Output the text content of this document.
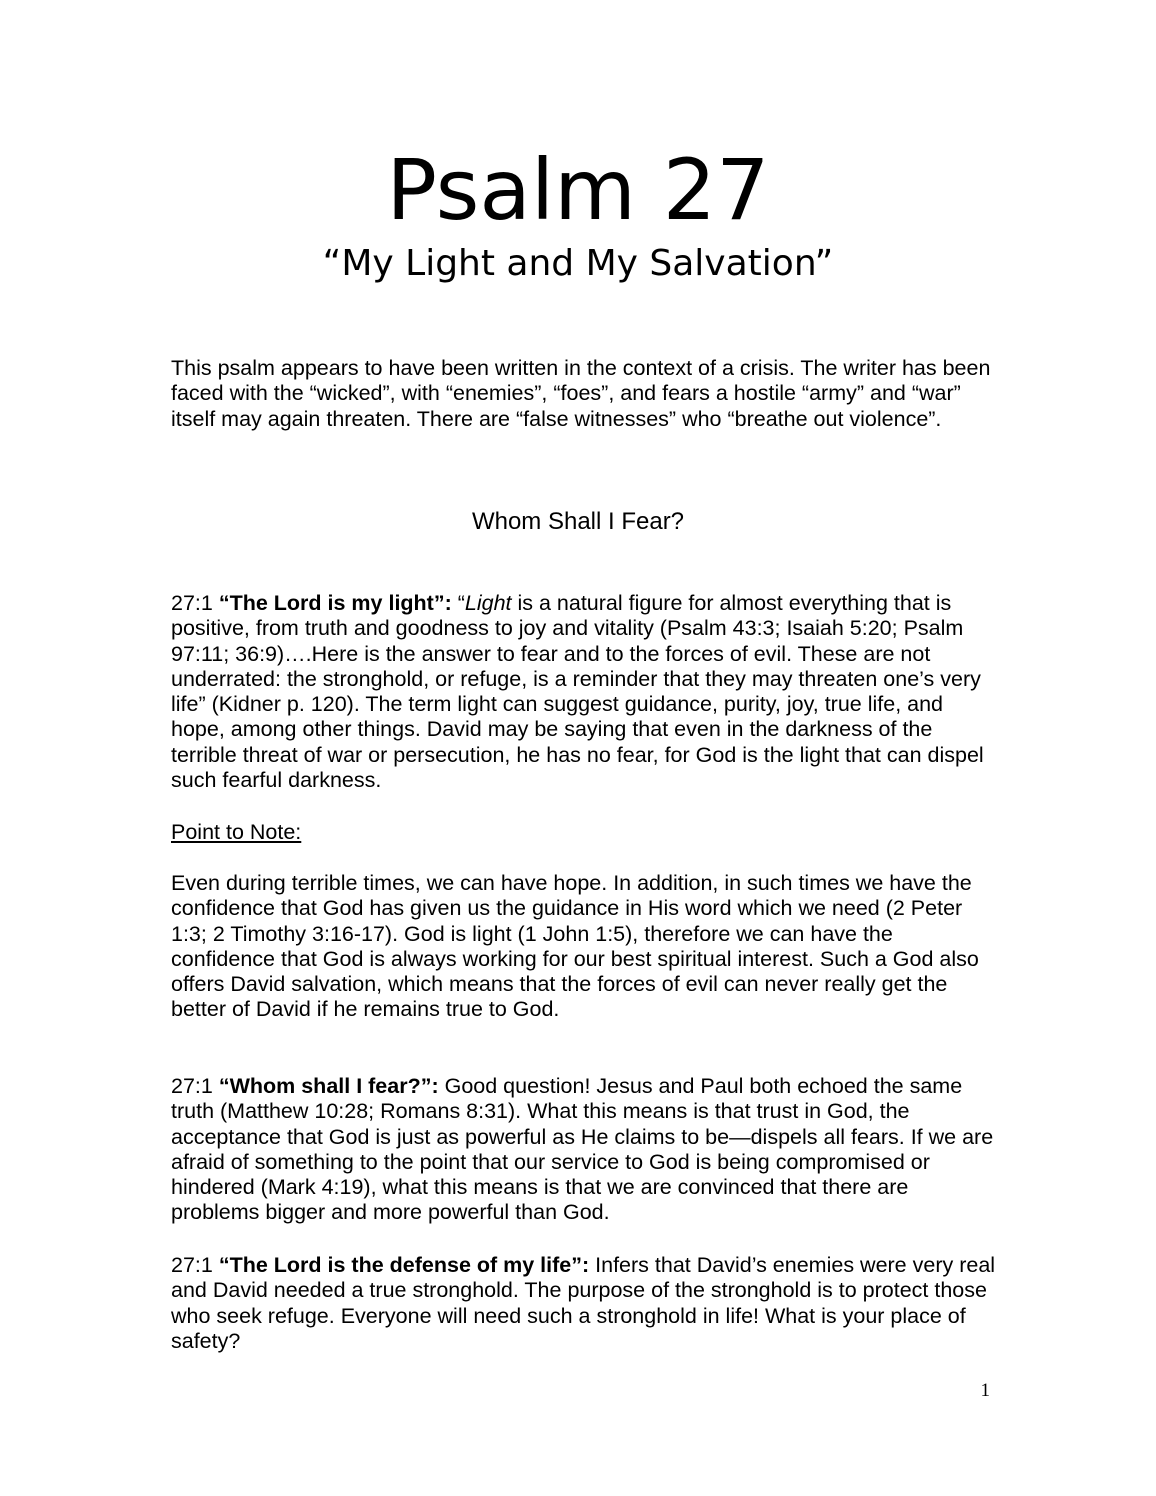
Psalm 27
“My Light and My Salvation”

This psalm appears to have been written in the context of a crisis. The writer has been faced with the “wicked”, with “enemies”, “foes”, and fears a hostile “army” and “war” itself may again threaten. There are “false witnesses” who “breathe out violence”.

Whom Shall I Fear?

27:1 “The Lord is my light”: “Light is a natural figure for almost everything that is positive, from truth and goodness to joy and vitality (Psalm 43:3; Isaiah 5:20; Psalm 97:11; 36:9)….Here is the answer to fear and to the forces of evil. These are not underrated: the stronghold, or refuge, is a reminder that they may threaten one’s very life” (Kidner p. 120). The term light can suggest guidance, purity, joy, true life, and hope, among other things. David may be saying that even in the darkness of the terrible threat of war or persecution, he has no fear, for God is the light that can dispel such fearful darkness.

Point to Note:

Even during terrible times, we can have hope. In addition, in such times we have the confidence that God has given us the guidance in His word which we need (2 Peter 1:3; 2 Timothy 3:16-17). God is light (1 John 1:5), therefore we can have the confidence that God is always working for our best spiritual interest. Such a God also offers David salvation, which means that the forces of evil can never really get the better of David if he remains true to God.

27:1 “Whom shall I fear?”: Good question! Jesus and Paul both echoed the same truth (Matthew 10:28; Romans 8:31). What this means is that trust in God, the acceptance that God is just as powerful as He claims to be—dispels all fears. If we are afraid of something to the point that our service to God is being compromised or hindered (Mark 4:19), what this means is that we are convinced that there are problems bigger and more powerful than God.

27:1 “The Lord is the defense of my life”: Infers that David’s enemies were very real and David needed a true stronghold. The purpose of the stronghold is to protect those who seek refuge. Everyone will need such a stronghold in life! What is your place of safety?

1
